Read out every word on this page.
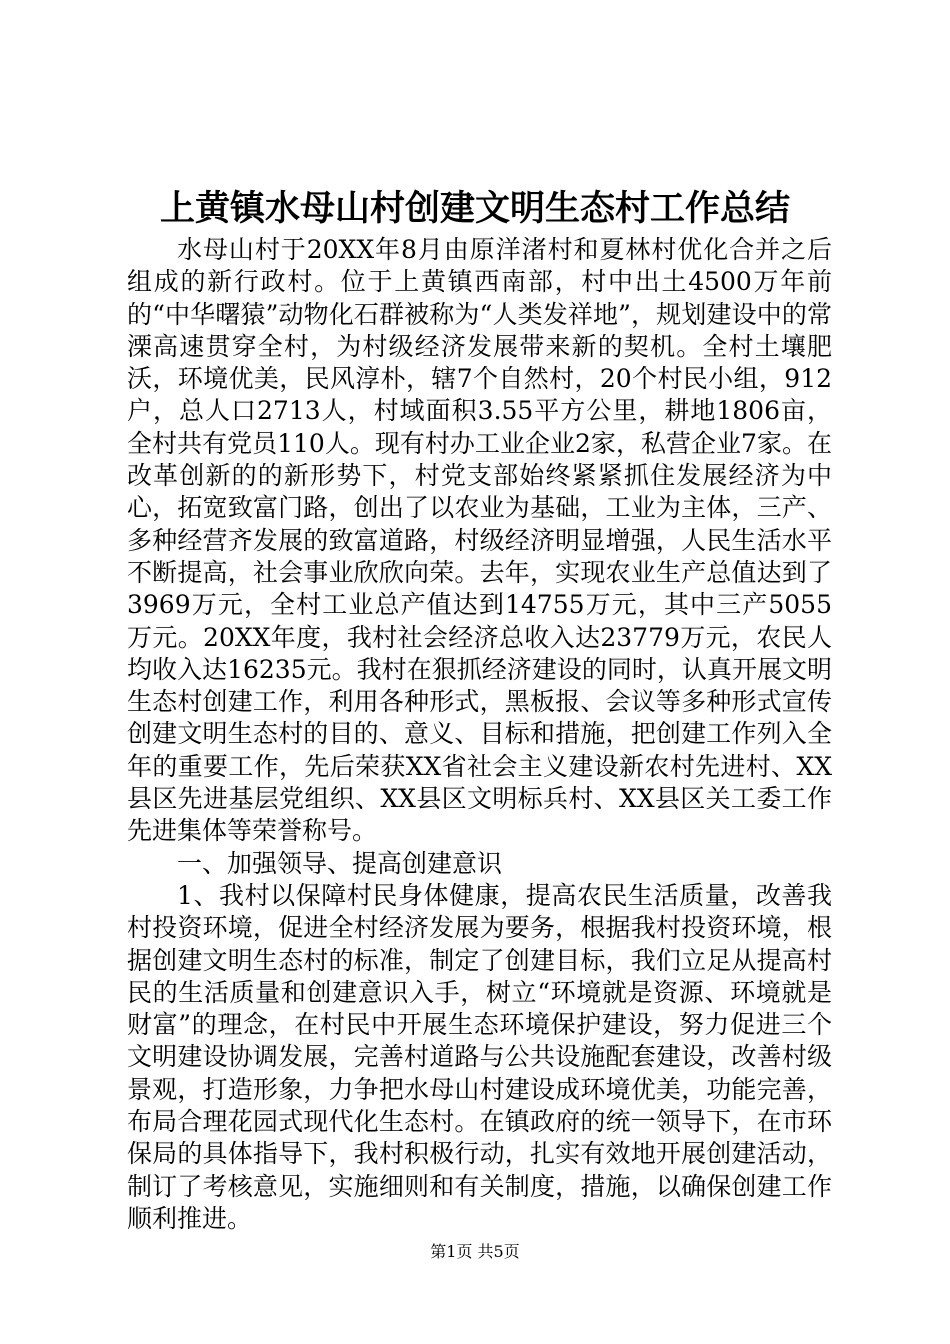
上黄镇水母山村创建文明生态村工作总结

水母山村于20XX年8月由原洋渚村和夏林村优化合并之后组成的新行政村。位于上黄镇西南部，村中出土4500万年前的“中华曙猿”动物化石群被称为“人类发祥地”，规划建设中的常溧高速贯穿全村，为村级经济发展带来新的契机。全村土壤肥沃，环境优美，民风淳朴，辖7个自然村，20个村民小组，912户，总人口2713人，村域面积3.55平方公里，耕地1806亩，全村共有党员110人。现有村办工业企业2家，私营企业7家。在改革创新的的新形势下，村党支部始终紧紧抓住发展经济为中心，拓宽致富门路，创出了以农业为基础，工业为主体，三产、多种经营齐发展的致富道路，村级经济明显增强，人民生活水平不断提高，社会事业欣欣向荣。去年，实现农业生产总值达到了3969万元，全村工业总产值达到14755万元，其中三产5055万元。20XX年度，我村社会经济总收入达23779万元，农民人均收入达16235元。我村在狠抓经济建设的同时，认真开展文明生态村创建工作，利用各种形式，黑板报、会议等多种形式宣传创建文明生态村的目的、意义、目标和措施，把创建工作列入全年的重要工作，先后荣获XX省社会主义建设新农村先进村、XX县区先进基层党组织、XX县区文明标兵村、XX县区关工委工作先进集体等荣誉称号。

一、加强领导、提高创建意识

1、我村以保障村民身体健康，提高农民生活质量，改善我村投资环境，促进全村经济发展为要务，根据我村投资环境，根据创建文明生态村的标准，制定了创建目标，我们立足从提高村民的生活质量和创建意识入手，树立“环境就是资源、环境就是财富”的理念，在村民中开展生态环境保护建设，努力促进三个文明建设协调发展，完善村道路与公共设施配套建设，改善村级景观，打造形象，力争把水母山村建设成环境优美，功能完善，布局合理花园式现代化生态村。在镇政府的统一领导下，在市环保局的具体指导下，我村积极行动，扎实有效地开展创建活动，制订了考核意见，实施细则和有关制度，措施，以确保创建工作顺利推进。

第1页 共5页
